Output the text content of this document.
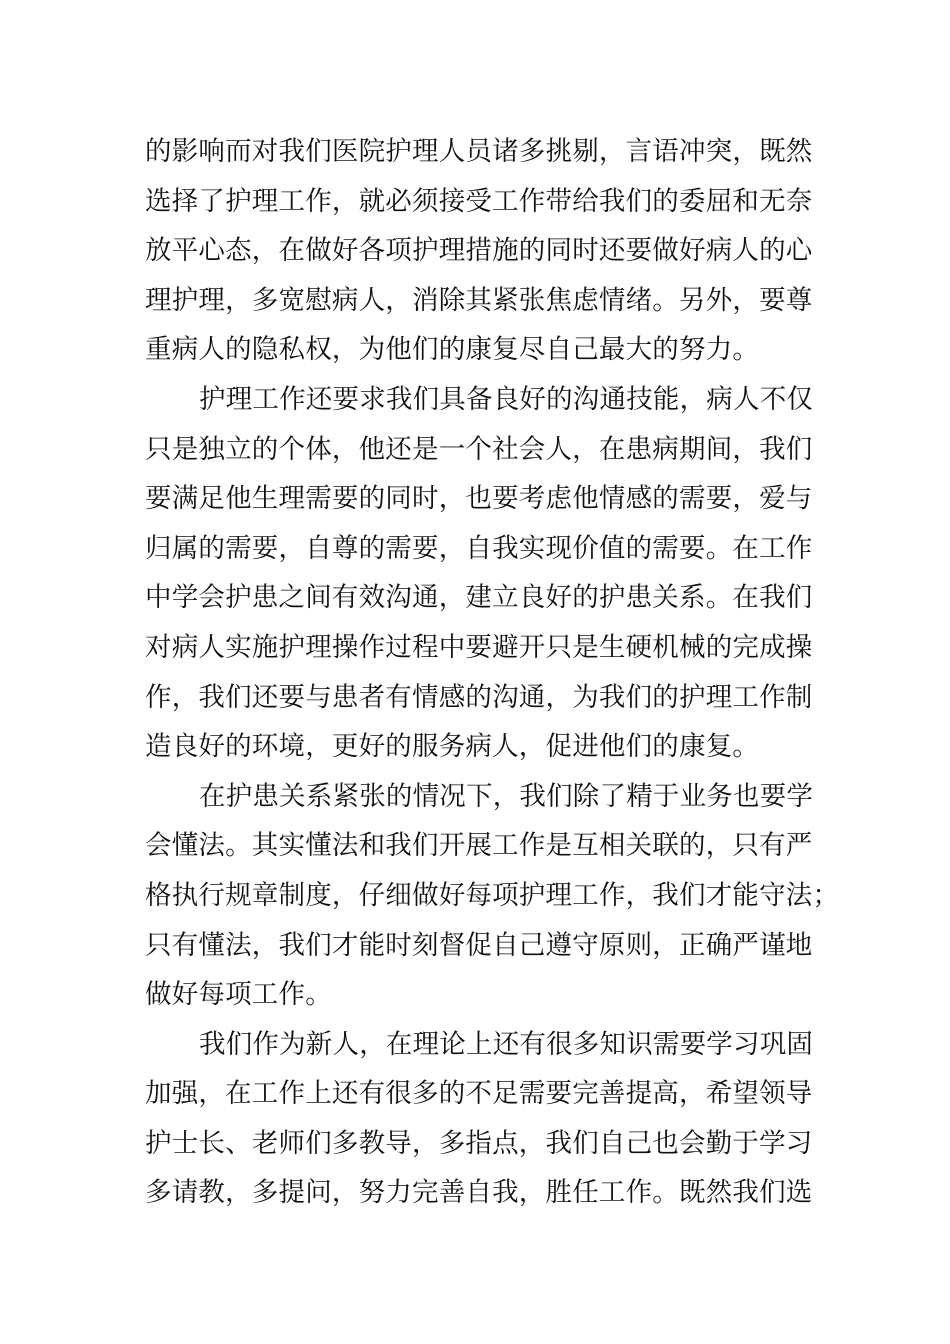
的影响而对我们医院护理人员诸多挑剔，言语冲突，既然
选择了护理工作，就必须接受工作带给我们的委屈和无奈
放平心态，在做好各项护理措施的同时还要做好病人的心
理护理，多宽慰病人，消除其紧张焦虑情绪。另外，要尊
重病人的隐私权，为他们的康复尽自己最大的努力。
护理工作还要求我们具备良好的沟通技能，病人不仅
只是独立的个体，他还是一个社会人，在患病期间，我们
要满足他生理需要的同时，也要考虑他情感的需要，爱与
归属的需要，自尊的需要，自我实现价值的需要。在工作
中学会护患之间有效沟通，建立良好的护患关系。在我们
对病人实施护理操作过程中要避开只是生硬机械的完成操
作，我们还要与患者有情感的沟通，为我们的护理工作制
造良好的环境，更好的服务病人，促进他们的康复。
在护患关系紧张的情况下，我们除了精于业务也要学
会懂法。其实懂法和我们开展工作是互相关联的，只有严
格执行规章制度，仔细做好每项护理工作，我们才能守法；
只有懂法，我们才能时刻督促自己遵守原则，正确严谨地
做好每项工作。
我们作为新人，在理论上还有很多知识需要学习巩固
加强，在工作上还有很多的不足需要完善提高，希望领导
护士长、老师们多教导，多指点，我们自己也会勤于学习
多请教，多提问，努力完善自我，胜任工作。既然我们选
